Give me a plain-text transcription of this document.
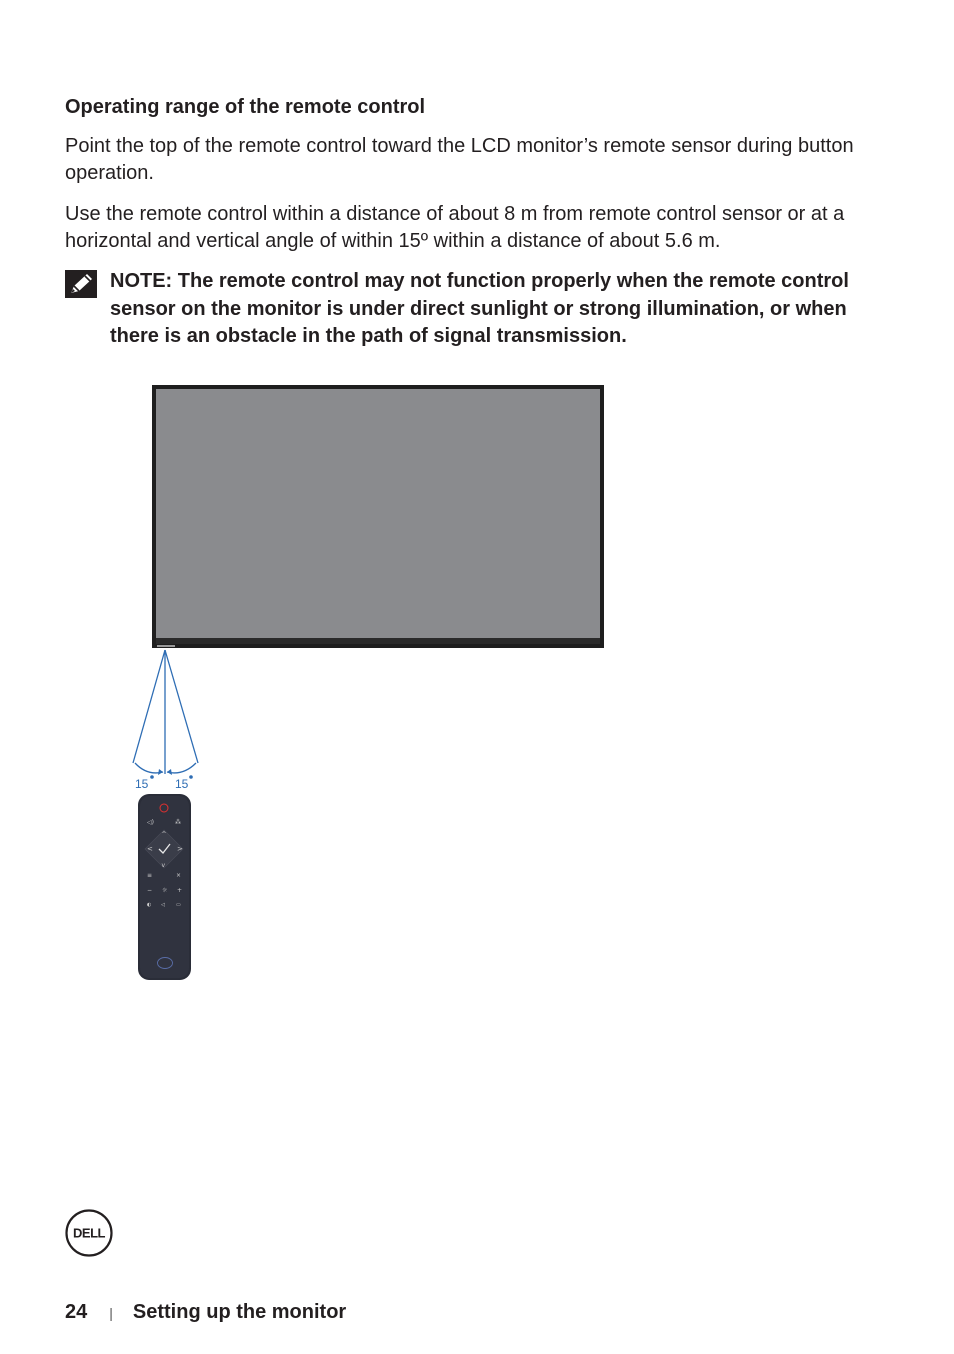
Operating range of the remote control
Point the top of the remote control toward the LCD monitor’s remote sensor during button operation.
Use the remote control within a distance of about 8 m from remote control sensor or at a horizontal and vertical angle of within 15º within a distance of about 5.6 m.
NOTE: The remote control may not function properly when the remote control sensor on the monitor is under direct sunlight or strong illumination, or when there is an obstacle in the path of signal transmission.
15 15
◁)	⁂
^
v
<	>
≡	×
− ☼ +
◐ ◁ ▭
DELL
24 | Setting up the monitor
